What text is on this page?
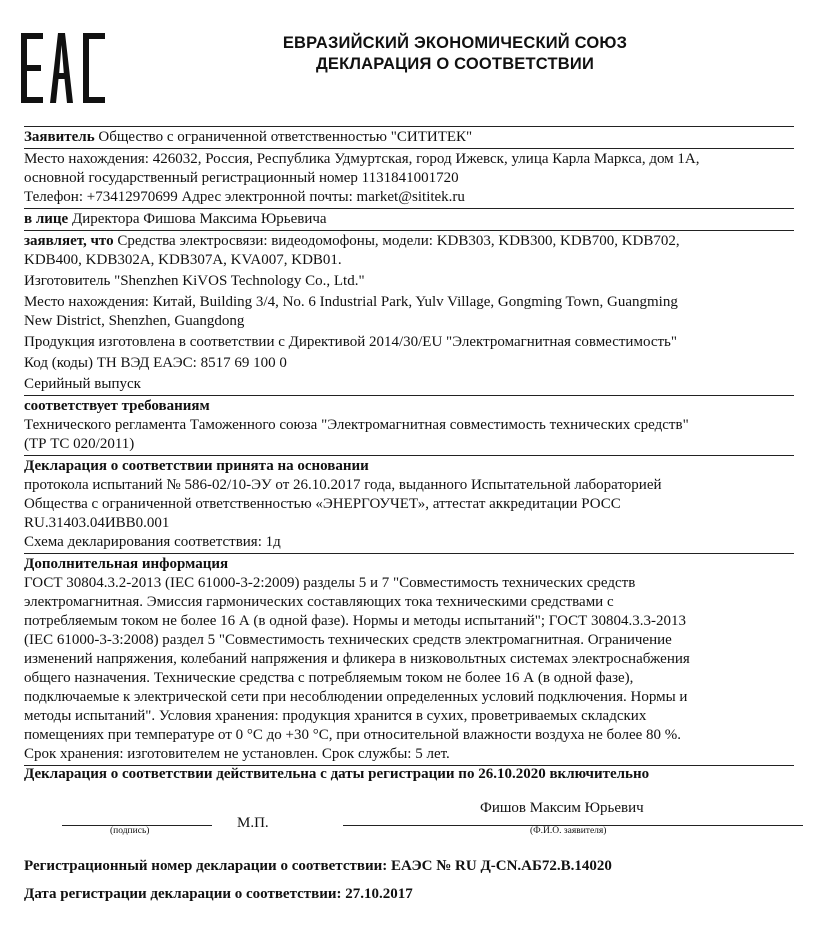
ЕВРАЗИЙСКИЙ ЭКОНОМИЧЕСКИЙ СОЮЗ
ДЕКЛАРАЦИЯ О СООТВЕТСТВИИ

Заявитель Общество с ограниченной ответственностью "СИТИТЕК"

Место нахождения: 426032, Россия, Республика Удмуртская, город Ижевск, улица Карла Маркса, дом 1А,

основной государственный регистрационный номер 1131841001720

Телефон: +73412970699 Адрес электронной почты: market@sititek.ru

в лице Директора Фишова Максима Юрьевича

заявляет, что Средства электросвязи: видеодомофоны, модели: KDB303, KDB300, KDB700, KDB702,

KDB400, KDB302A, KDB307A, KVA007, KDB01.

Изготовитель "Shenzhen KiVOS Technology Co., Ltd."

Место нахождения: Китай, Building 3/4, No. 6 Industrial Park, Yulv Village, Gongming Town, Guangming

New District, Shenzhen, Guangdong

Продукция изготовлена в соответствии с Директивой 2014/30/EU "Электромагнитная совместимость"

Код (коды) ТН ВЭД ЕАЭС: 8517 69 100 0

Серийный выпуск

соответствует требованиям

Технического регламента Таможенного союза "Электромагнитная совместимость технических средств"

(ТР ТС 020/2011)

Декларация о соответствии принята на основании

протокола испытаний № 586-02/10-ЭУ от 26.10.2017 года, выданного Испытательной лабораторией

Общества с ограниченной ответственностью «ЭНЕРГОУЧЕТ», аттестат аккредитации РОСС

RU.31403.04ИВВ0.001

Схема декларирования соответствия: 1д

Дополнительная информация

ГОСТ 30804.3.2-2013 (IEC 61000-3-2:2009) разделы 5 и 7 "Совместимость технических средств

электромагнитная. Эмиссия гармонических составляющих тока техническими средствами с

потребляемым током не более 16 А (в одной фазе). Нормы и методы испытаний"; ГОСТ 30804.3.3-2013

(IEC 61000-3-3:2008) раздел 5 "Совместимость технических средств электромагнитная. Ограничение

изменений напряжения, колебаний напряжения и фликера в низковольтных системах электроснабжения

общего назначения. Технические средства с потребляемым током не более 16 А (в одной фазе),

подключаемые к электрической сети при несоблюдении определенных условий подключения. Нормы и

методы испытаний". Условия хранения: продукция хранится в сухих, проветриваемых складских

помещениях при температуре от 0 °С до +30 °С, при относительной влажности воздуха не более 80 %.

Срок хранения: изготовителем не установлен. Срок службы: 5 лет.

Декларация о соответствии действительна с даты регистрации по 26.10.2020 включительно
Фишов Максим Юрьевич
М.П.
(подпись)	(Ф.И.О. заявителя)
Регистрационный номер декларации о соответствии: ЕАЭС № RU Д-CN.АБ72.В.14020
Дата регистрации декларации о соответствии: 27.10.2017
